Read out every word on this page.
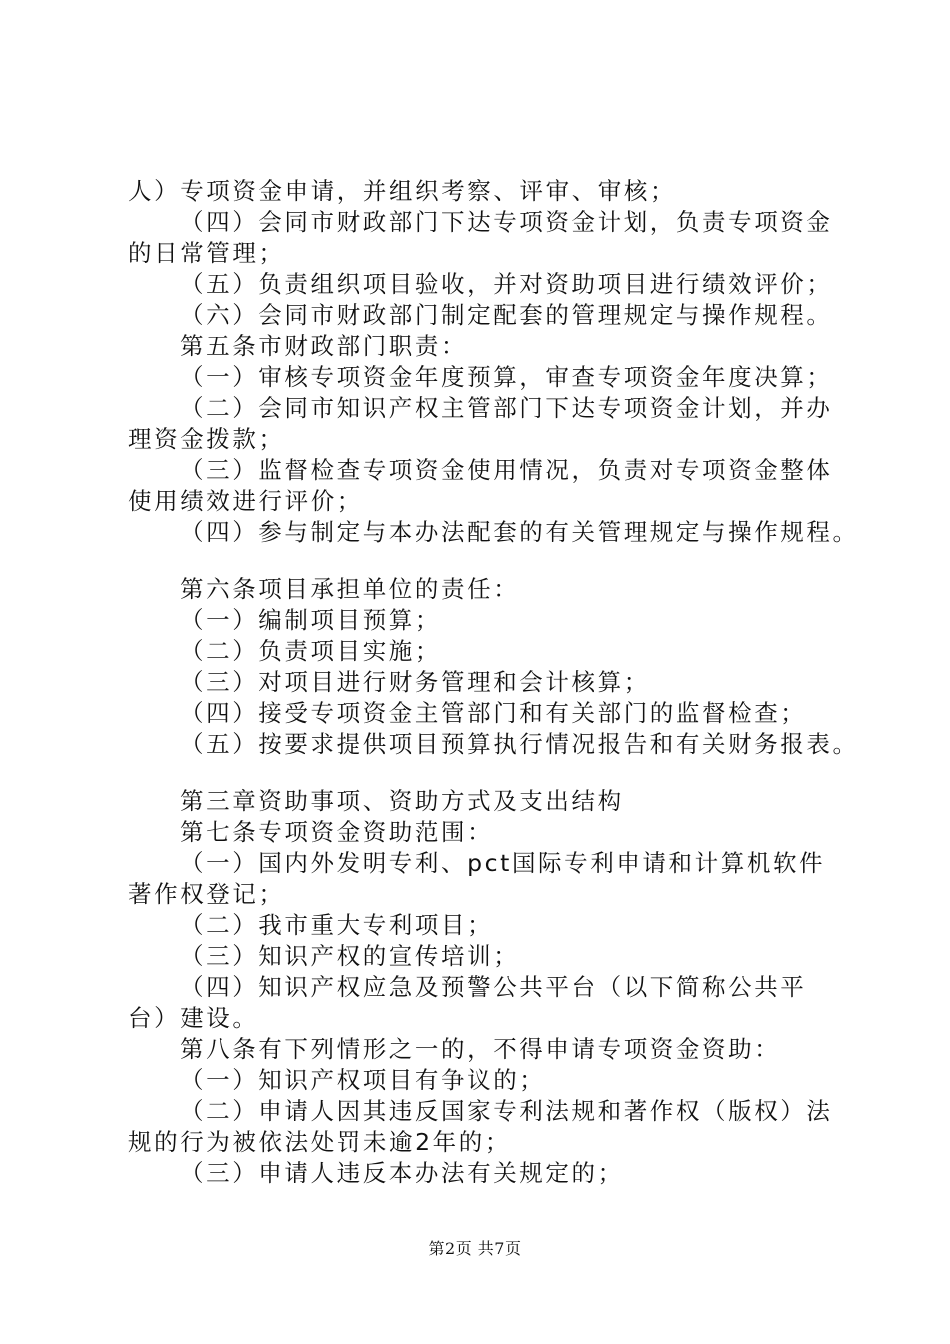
人）专项资金申请，并组织考察、评审、审核；
（四）会同市财政部门下达专项资金计划，负责专项资金
的日常管理；
（五）负责组织项目验收，并对资助项目进行绩效评价；
（六）会同市财政部门制定配套的管理规定与操作规程。
第五条市财政部门职责：
（一）审核专项资金年度预算，审查专项资金年度决算；
（二）会同市知识产权主管部门下达专项资金计划，并办
理资金拨款；
（三）监督检查专项资金使用情况，负责对专项资金整体
使用绩效进行评价；
（四）参与制定与本办法配套的有关管理规定与操作规程。
第六条项目承担单位的责任：
（一）编制项目预算；
（二）负责项目实施；
（三）对项目进行财务管理和会计核算；
（四）接受专项资金主管部门和有关部门的监督检查；
（五）按要求提供项目预算执行情况报告和有关财务报表。
第三章资助事项、资助方式及支出结构
第七条专项资金资助范围：
（一）国内外发明专利、pct国际专利申请和计算机软件
著作权登记；
（二）我市重大专利项目；
（三）知识产权的宣传培训；
（四）知识产权应急及预警公共平台（以下简称公共平
台）建设。
第八条有下列情形之一的，不得申请专项资金资助：
（一）知识产权项目有争议的；
（二）申请人因其违反国家专利法规和著作权（版权）法
规的行为被依法处罚未逾2年的；
（三）申请人违反本办法有关规定的；
第2页 共7页
